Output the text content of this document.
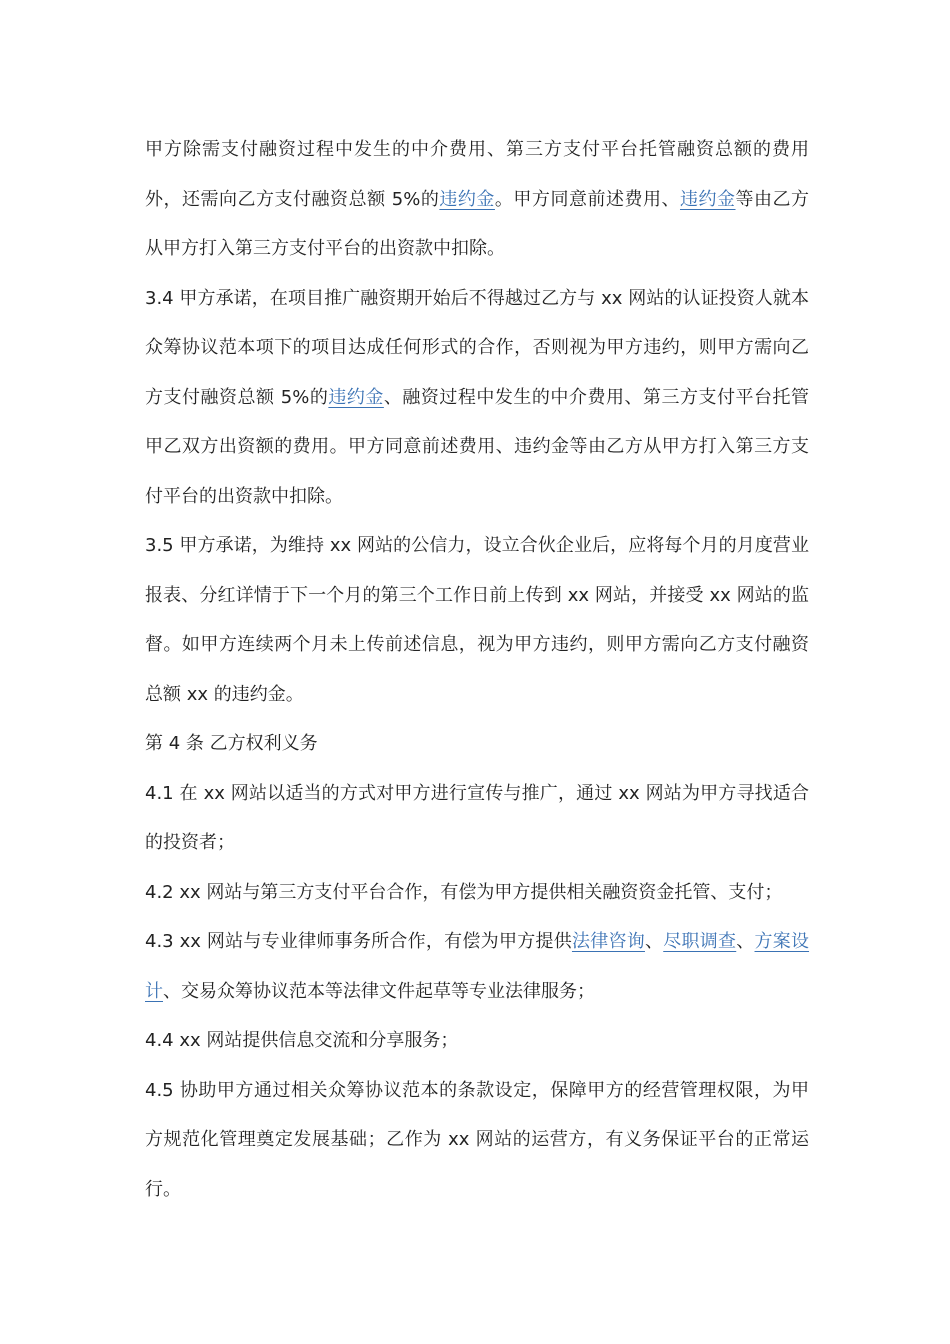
甲方除需支付融资过程中发生的中介费用、第三方支付平台托管融资总额的费用外，还需向乙方支付融资总额 5%的违约金。甲方同意前述费用、违约金等由乙方从甲方打入第三方支付平台的出资款中扣除。

3.4 甲方承诺，在项目推广融资期开始后不得越过乙方与 xx 网站的认证投资人就本众筹协议范本项下的项目达成任何形式的合作，否则视为甲方违约，则甲方需向乙方支付融资总额 5%的违约金、融资过程中发生的中介费用、第三方支付平台托管甲乙双方出资额的费用。甲方同意前述费用、违约金等由乙方从甲方打入第三方支付平台的出资款中扣除。

3.5 甲方承诺，为维持 xx 网站的公信力，设立合伙企业后，应将每个月的月度营业报表、分红详情于下一个月的第三个工作日前上传到 xx 网站，并接受 xx 网站的监督。如甲方连续两个月未上传前述信息，视为甲方违约，则甲方需向乙方支付融资总额 xx 的违约金。

第 4 条 乙方权利义务

4.1 在 xx 网站以适当的方式对甲方进行宣传与推广，通过 xx 网站为甲方寻找适合的投资者；

4.2 xx 网站与第三方支付平台合作，有偿为甲方提供相关融资资金托管、支付；

4.3 xx 网站与专业律师事务所合作，有偿为甲方提供法律咨询、尽职调查、方案设计、交易众筹协议范本等法律文件起草等专业法律服务；

4.4 xx 网站提供信息交流和分享服务；

4.5 协助甲方通过相关众筹协议范本的条款设定，保障甲方的经营管理权限，为甲方规范化管理奠定发展基础；乙作为 xx 网站的运营方，有义务保证平台的正常运行。
